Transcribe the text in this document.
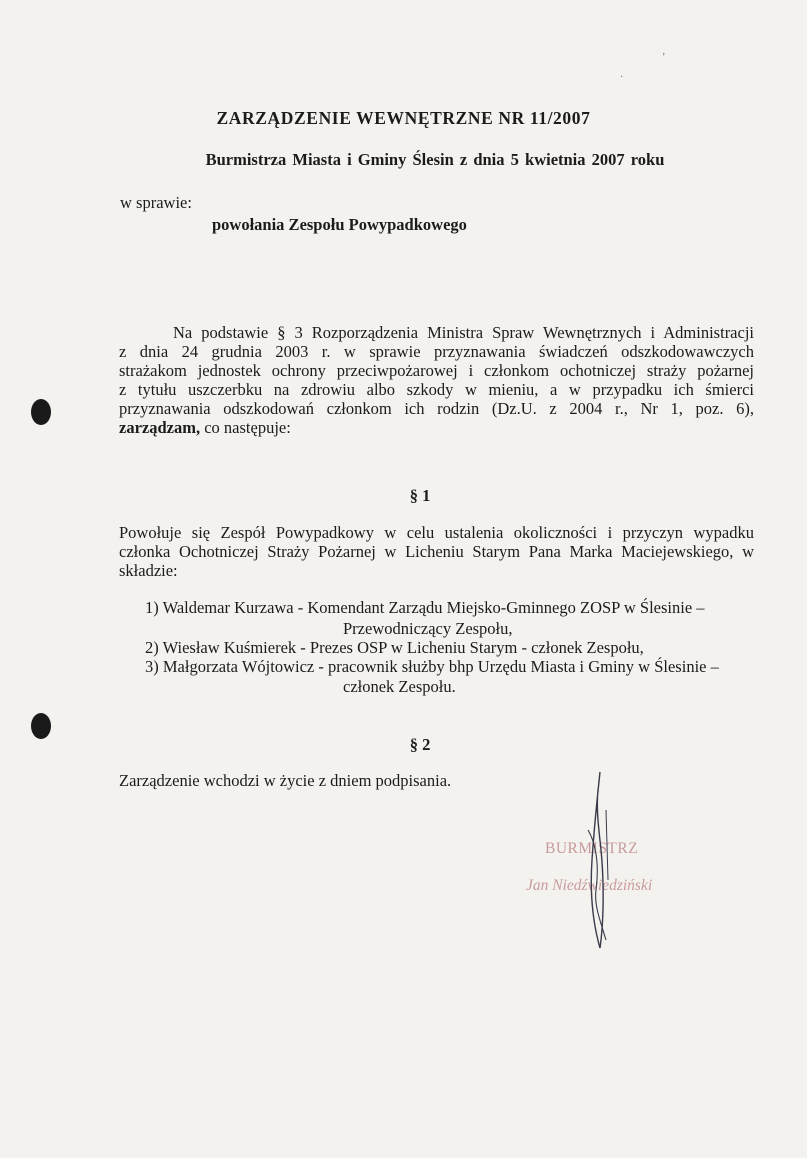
ZARZĄDZENIE WEWNĘTRZNE NR 11/2007
Burmistrza Miasta i Gminy Ślesin z dnia 5 kwietnia 2007 roku
w sprawie:
powołania Zespołu Powypadkowego
Na podstawie § 3 Rozporządzenia Ministra Spraw Wewnętrznych i Administracji
z dnia 24 grudnia 2003 r. w sprawie przyznawania świadczeń odszkodowawczych
strażakom jednostek ochrony przeciwpożarowej i członkom ochotniczej straży pożarnej
z tytułu uszczerbku na zdrowiu albo szkody w mieniu, a w przypadku ich śmierci
przyznawania odszkodowań członkom ich rodzin (Dz.U. z 2004 r., Nr 1, poz. 6),
zarządzam, co następuje:
§ 1
Powołuje się Zespół Powypadkowy w celu ustalenia okoliczności i przyczyn wypadku
członka Ochotniczej Straży Pożarnej w Licheniu Starym Pana Marka Maciejewskiego, w
składzie:
1) Waldemar Kurzawa - Komendant Zarządu Miejsko-Gminnego ZOSP w Ślesinie –
Przewodniczący Zespołu,
2) Wiesław Kuśmierek - Prezes OSP w Licheniu Starym - członek Zespołu,
3) Małgorzata Wójtowicz - pracownik służby bhp Urzędu Miasta i Gminy w Ślesinie –
członek Zespołu.
§ 2
Zarządzenie wchodzi w życie z dniem podpisania.
BURMISTRZ
Jan Niedźwiedziński
ʼ
·
